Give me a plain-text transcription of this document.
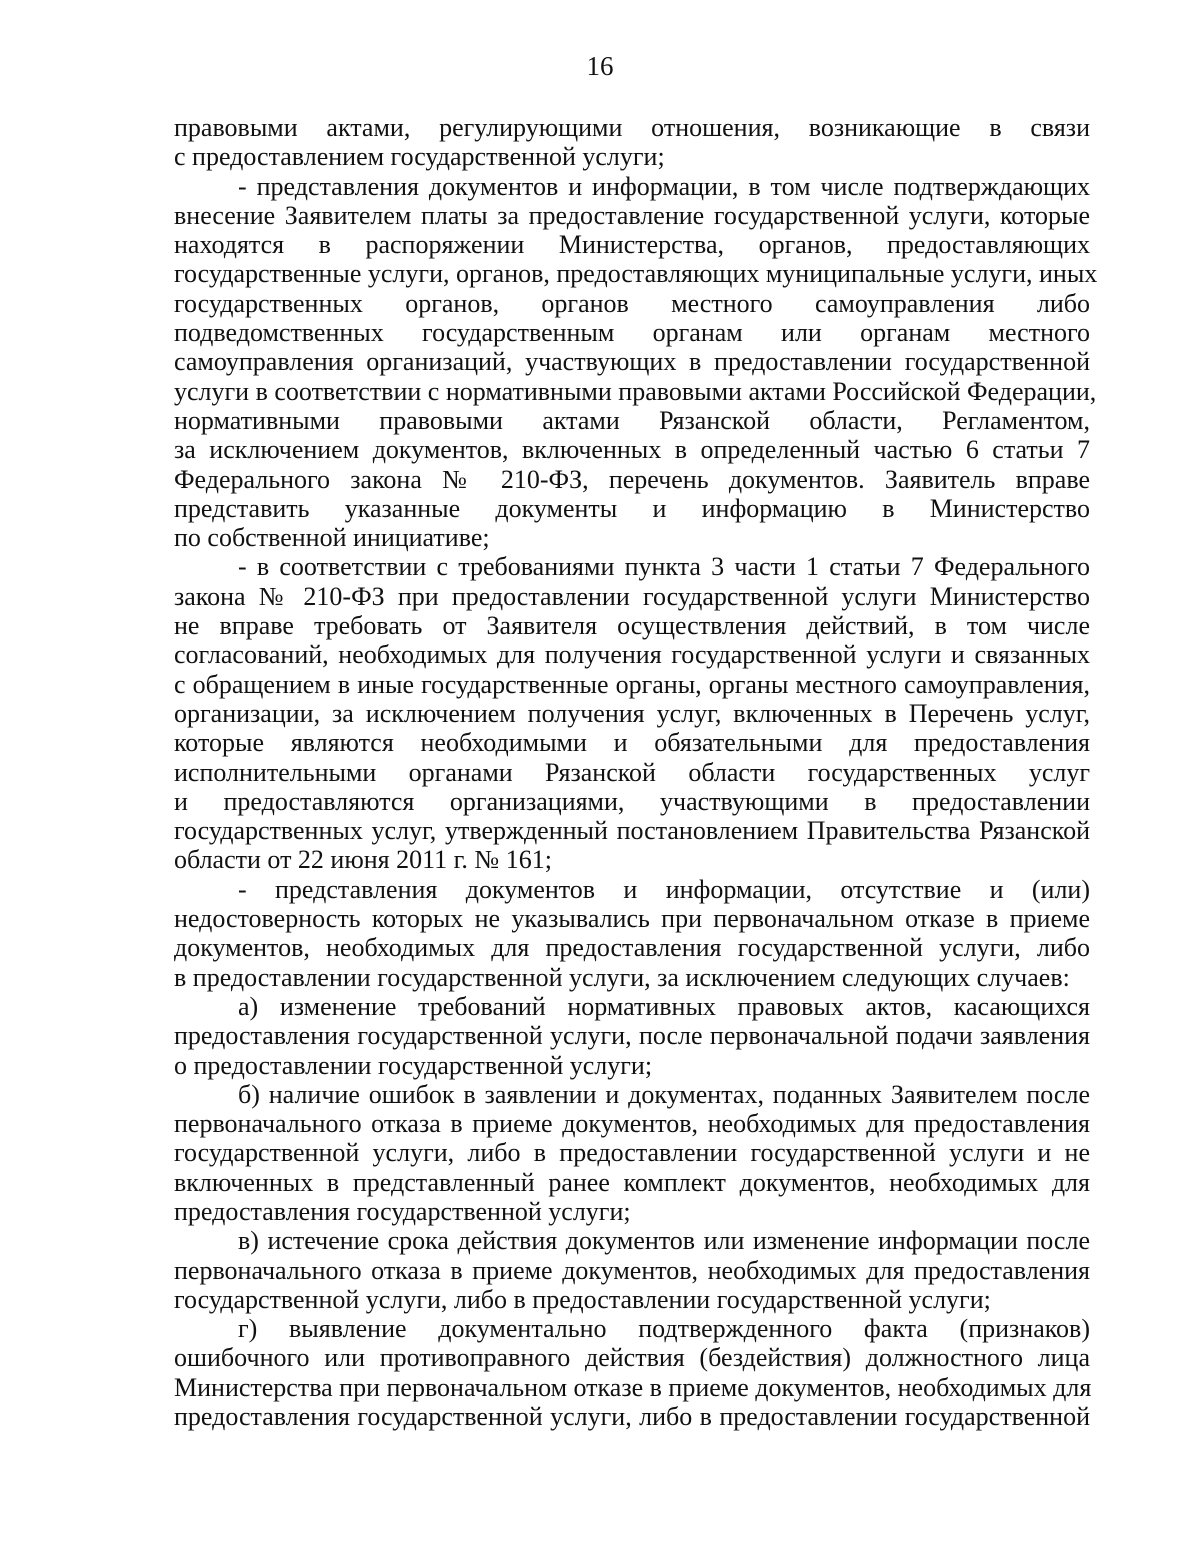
16
правовыми актами, регулирующими отношения, возникающие в связи
с предоставлением государственной услуги;
- представления документов и информации, в том числе подтверждающих
внесение Заявителем платы за предоставление государственной услуги, которые
находятся в распоряжении Министерства, органов, предоставляющих
государственные услуги, органов, предоставляющих муниципальные услуги, иных
государственных органов, органов местного самоуправления либо
подведомственных государственным органам или органам местного
самоуправления организаций, участвующих в предоставлении государственной
услуги в соответствии с нормативными правовыми актами Российской Федерации,
нормативными правовыми актами Рязанской области, Регламентом,
за исключением документов, включенных в определенный частью 6 статьи 7
Федерального закона № 210-ФЗ, перечень документов. Заявитель вправе
представить указанные документы и информацию в Министерство
по собственной инициативе;
- в соответствии с требованиями пункта 3 части 1 статьи 7 Федерального
закона № 210-ФЗ при предоставлении государственной услуги Министерство
не вправе требовать от Заявителя осуществления действий, в том числе
согласований, необходимых для получения государственной услуги и связанных
с обращением в иные государственные органы, органы местного самоуправления,
организации, за исключением получения услуг, включенных в Перечень услуг,
которые являются необходимыми и обязательными для предоставления
исполнительными органами Рязанской области государственных услуг
и предоставляются организациями, участвующими в предоставлении
государственных услуг, утвержденный постановлением Правительства Рязанской
области от 22 июня 2011 г. № 161;
- представления документов и информации, отсутствие и (или)
недостоверность которых не указывались при первоначальном отказе в приеме
документов, необходимых для предоставления государственной услуги, либо
в предоставлении государственной услуги, за исключением следующих случаев:
а) изменение требований нормативных правовых актов, касающихся
предоставления государственной услуги, после первоначальной подачи заявления
о предоставлении государственной услуги;
б) наличие ошибок в заявлении и документах, поданных Заявителем после
первоначального отказа в приеме документов, необходимых для предоставления
государственной услуги, либо в предоставлении государственной услуги и не
включенных в представленный ранее комплект документов, необходимых для
предоставления государственной услуги;
в) истечение срока действия документов или изменение информации после
первоначального отказа в приеме документов, необходимых для предоставления
государственной услуги, либо в предоставлении государственной услуги;
г) выявление документально подтвержденного факта (признаков)
ошибочного или противоправного действия (бездействия) должностного лица
Министерства при первоначальном отказе в приеме документов, необходимых для
предоставления государственной услуги, либо в предоставлении государственной
